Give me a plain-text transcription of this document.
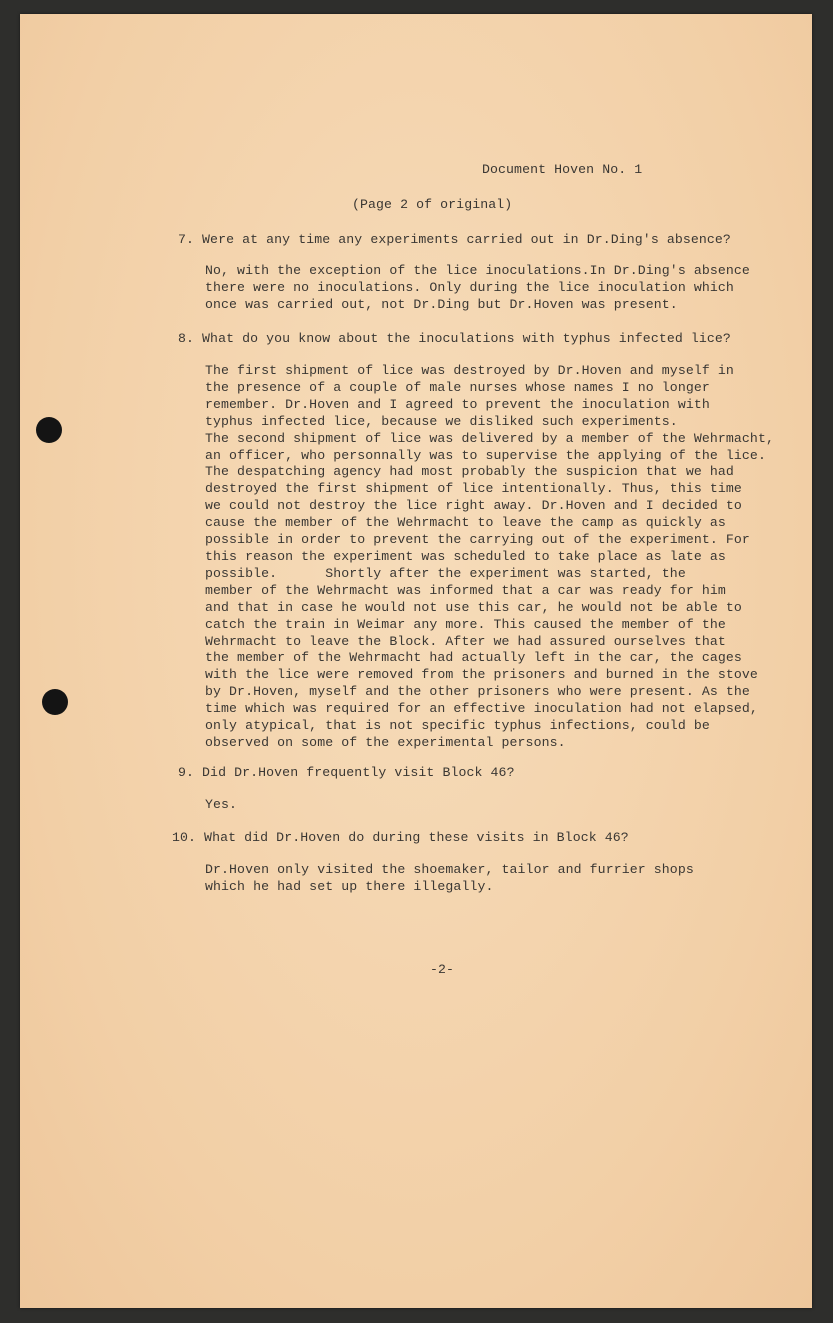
Document Hoven No. 1
(Page 2 of original)
7. Were at any time any experiments carried out in Dr.Ding's absence?
No, with the exception of the lice inoculations.In Dr.Ding's absence
there were no inoculations. Only during the lice inoculation which
once was carried out, not Dr.Ding but Dr.Hoven was present.
8. What do you know about the inoculations with typhus infected lice?
The first shipment of lice was destroyed by Dr.Hoven and myself in
the presence of a couple of male nurses whose names I no longer
remember. Dr.Hoven and I agreed to prevent the inoculation with
typhus infected lice, because we disliked such experiments.
The second shipment of lice was delivered by a member of the Wehrmacht,
an officer, who personnally was to supervise the applying of the lice.
The despatching agency had most probably the suspicion that we had
destroyed the first shipment of lice intentionally. Thus, this time
we could not destroy the lice right away. Dr.Hoven and I decided to
cause the member of the Wehrmacht to leave the camp as quickly as
possible in order to prevent the carrying out of the experiment. For
this reason the experiment was scheduled to take place as late as
possible.      Shortly after the experiment was started, the
member of the Wehrmacht was informed that a car was ready for him
and that in case he would not use this car, he would not be able to
catch the train in Weimar any more. This caused the member of the
Wehrmacht to leave the Block. After we had assured ourselves that
the member of the Wehrmacht had actually left in the car, the cages
with the lice were removed from the prisoners and burned in the stove
by Dr.Hoven, myself and the other prisoners who were present. As the
time which was required for an effective inoculation had not elapsed,
only atypical, that is not specific typhus infections, could be
observed on some of the experimental persons.
9. Did Dr.Hoven frequently visit Block 46?
Yes.
10. What did Dr.Hoven do during these visits in Block 46?
Dr.Hoven only visited the shoemaker, tailor and furrier shops
which he had set up there illegally.
-2-
